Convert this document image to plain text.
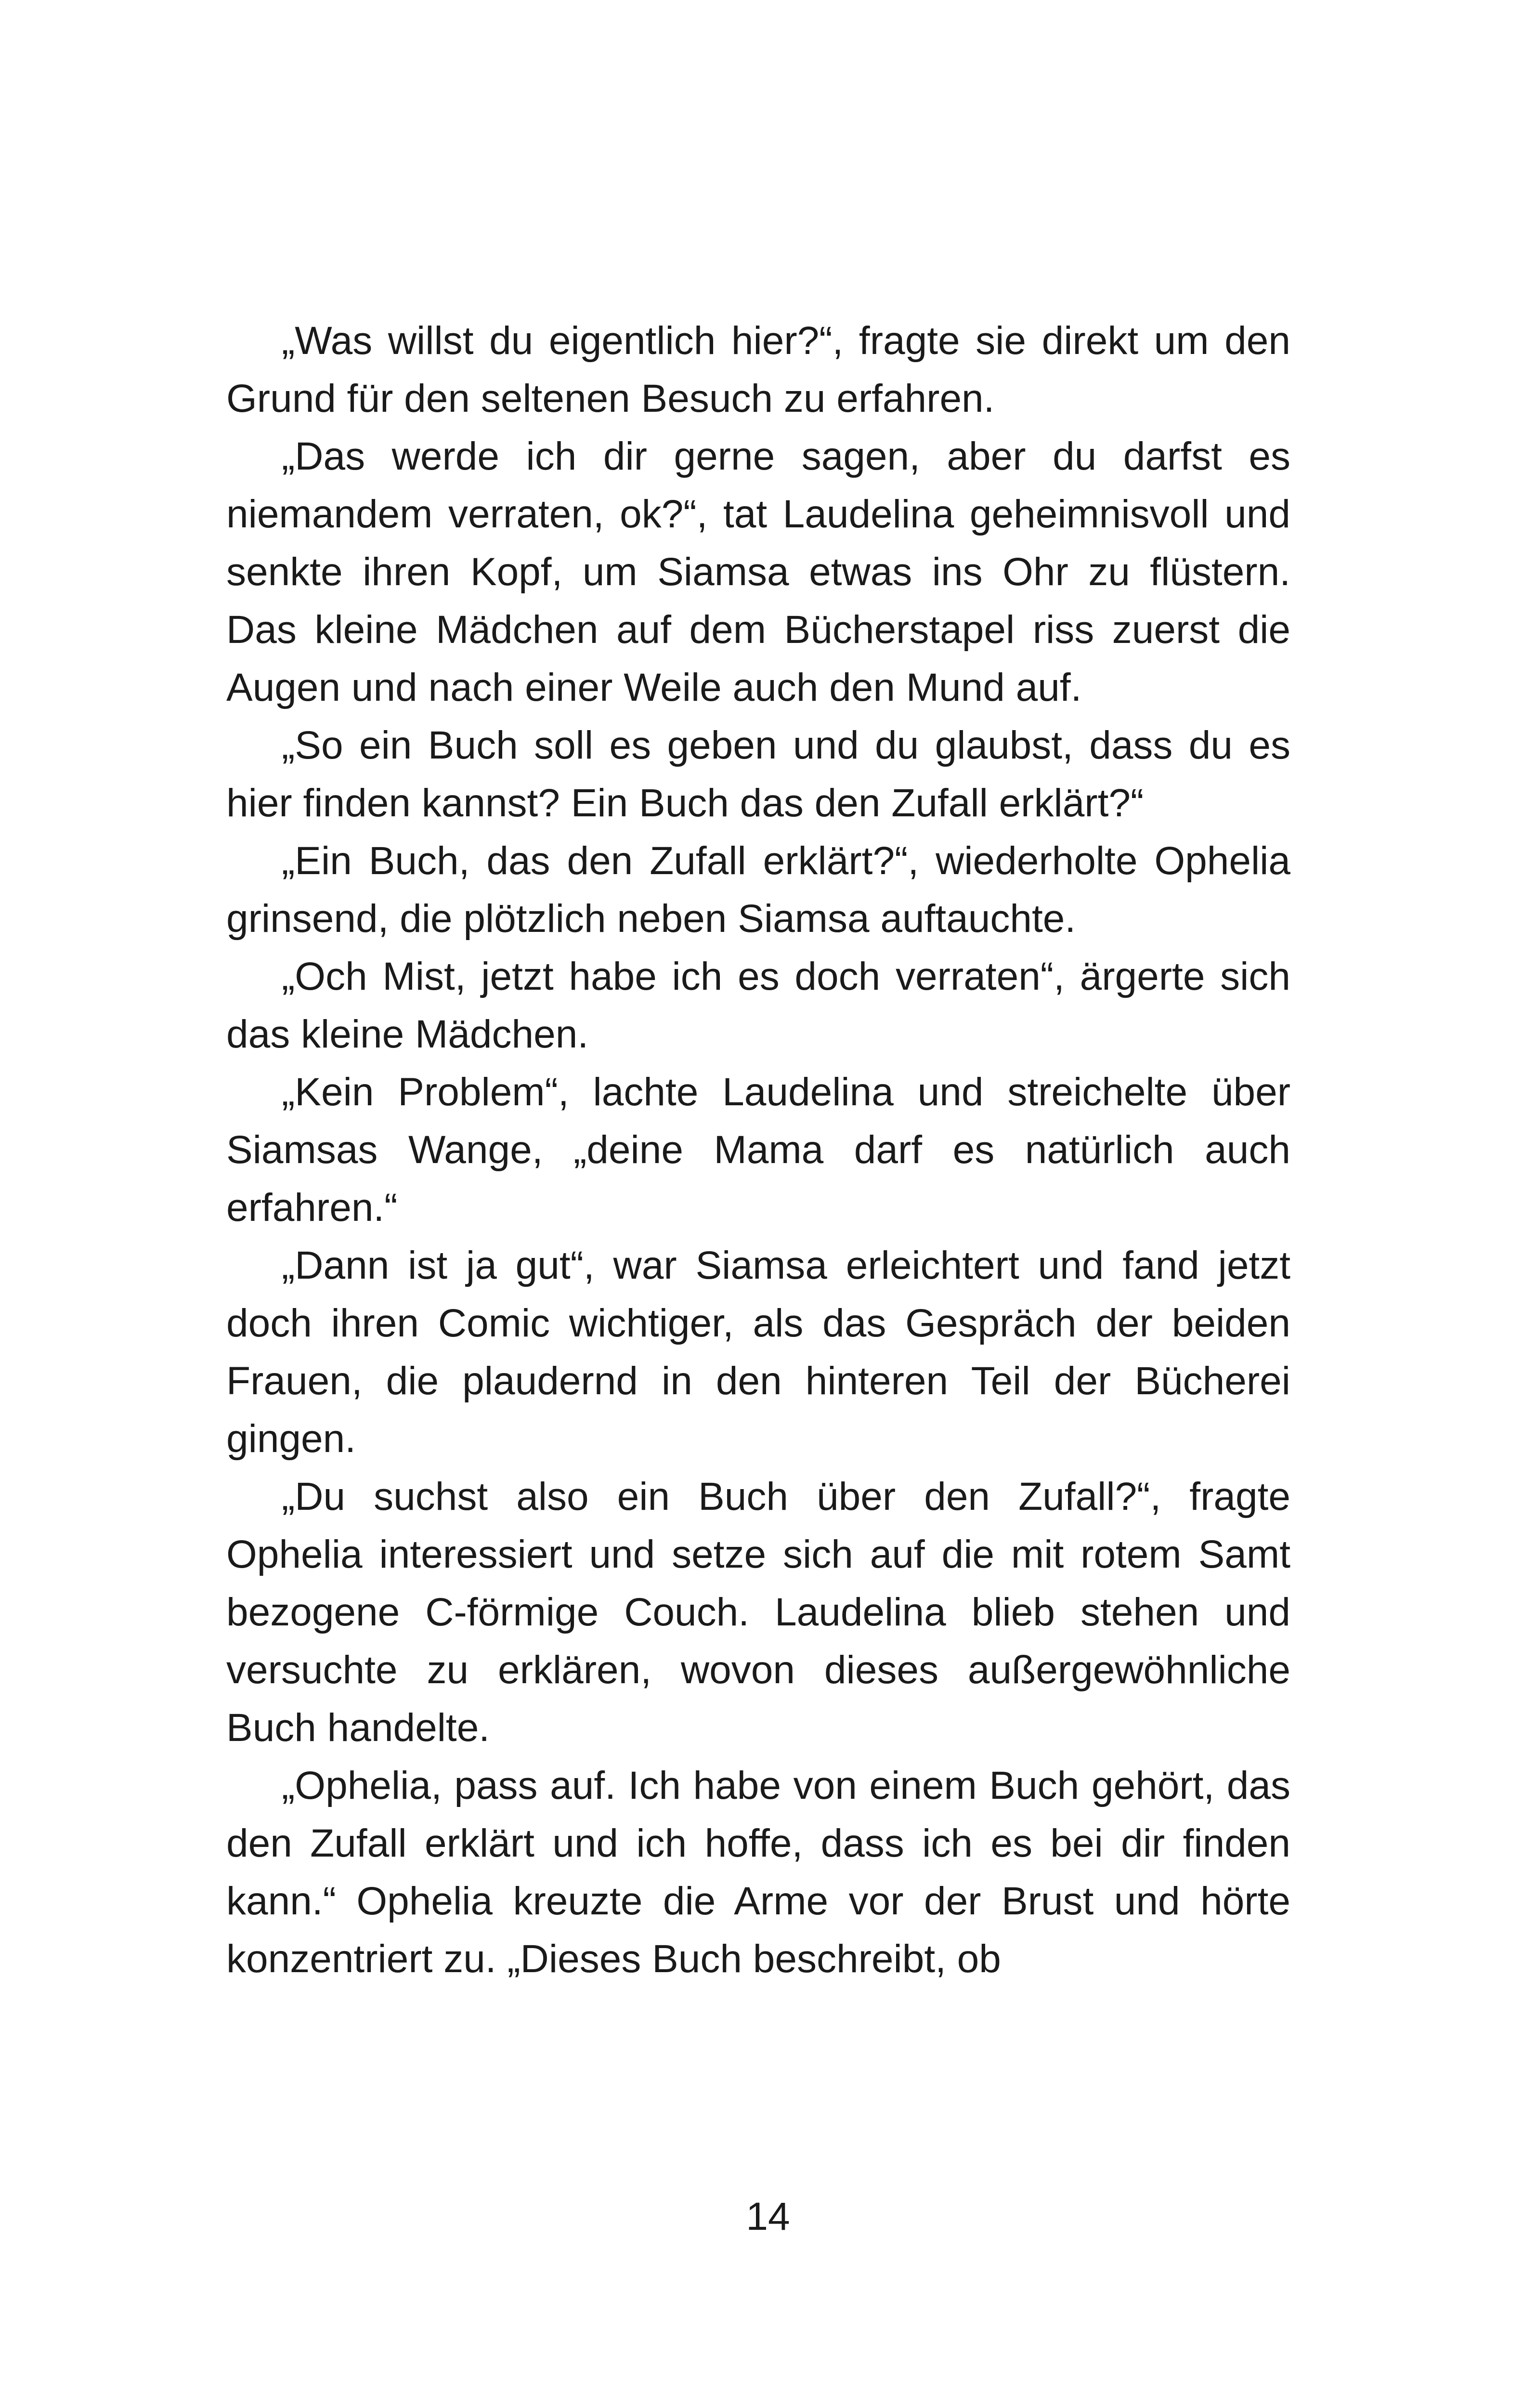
„Was willst du eigentlich hier?“, fragte sie direkt um den Grund für den seltenen Besuch zu erfahren.

„Das werde ich dir gerne sagen, aber du darfst es niemandem verraten, ok?“, tat Laudelina geheimnisvoll und senkte ihren Kopf, um Siamsa etwas ins Ohr zu flüstern. Das kleine Mädchen auf dem Bücherstapel riss zuerst die Augen und nach einer Weile auch den Mund auf.

„So ein Buch soll es geben und du glaubst, dass du es hier finden kannst? Ein Buch das den Zufall erklärt?“

„Ein Buch, das den Zufall erklärt?“, wiederholte Ophelia grinsend, die plötzlich neben Siamsa auftauchte.

„Och Mist, jetzt habe ich es doch verraten“, ärgerte sich das kleine Mädchen.

„Kein Problem“, lachte Laudelina und streichelte über Siamsas Wange, „deine Mama darf es natürlich auch erfahren.“

„Dann ist ja gut“, war Siamsa erleichtert und fand jetzt doch ihren Comic wichtiger, als das Gespräch der beiden Frauen, die plaudernd in den hinteren Teil der Bücherei gingen.

„Du suchst also ein Buch über den Zufall?“, fragte Ophelia interessiert und setze sich auf die mit rotem Samt bezogene C-förmige Couch. Laudelina blieb stehen und versuchte zu erklären, wovon dieses außergewöhnliche Buch handelte.

„Ophelia, pass auf. Ich habe von einem Buch gehört, das den Zufall erklärt und ich hoffe, dass ich es bei dir finden kann.“ Ophelia kreuzte die Arme vor der Brust und hörte konzentriert zu. „Dieses Buch beschreibt, ob

14
